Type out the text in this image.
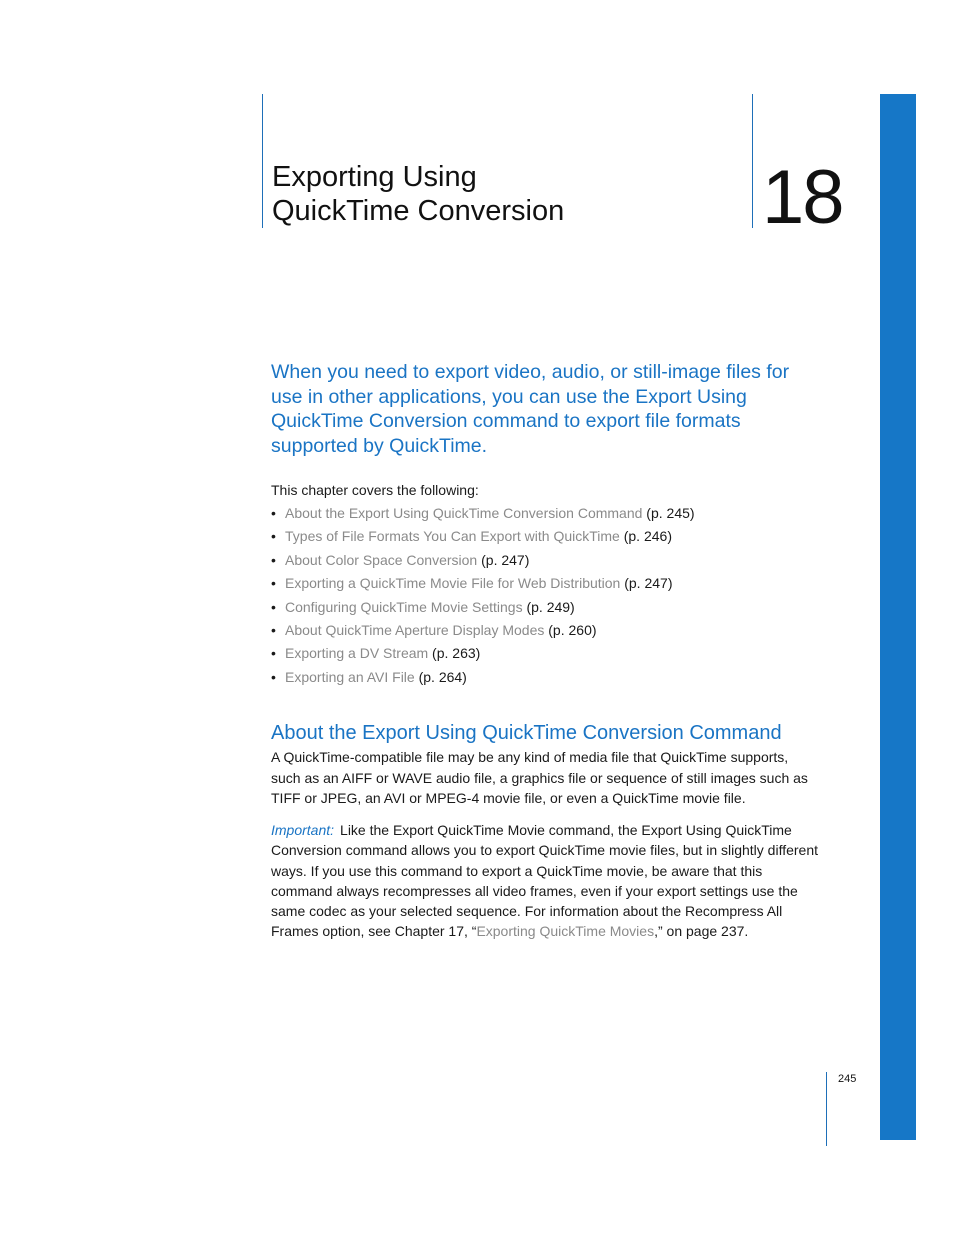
Exporting Using
QuickTime Conversion	18

When you need to export video, audio, or still-image files for use in other applications, you can use the Export Using QuickTime Conversion command to export file formats supported by QuickTime.

This chapter covers the following:

• About the Export Using QuickTime Conversion Command (p. 245)
• Types of File Formats You Can Export with QuickTime (p. 246)
• About Color Space Conversion (p. 247)
• Exporting a QuickTime Movie File for Web Distribution (p. 247)
• Configuring QuickTime Movie Settings (p. 249)
• About QuickTime Aperture Display Modes (p. 260)
• Exporting a DV Stream (p. 263)
• Exporting an AVI File (p. 264)
About the Export Using QuickTime Conversion Command

A QuickTime-compatible file may be any kind of media file that QuickTime supports, such as an AIFF or WAVE audio file, a graphics file or sequence of still images such as TIFF or JPEG, an AVI or MPEG-4 movie file, or even a QuickTime movie file.

Important: Like the Export QuickTime Movie command, the Export Using QuickTime Conversion command allows you to export QuickTime movie files, but in slightly different ways. If you use this command to export a QuickTime movie, be aware that this command always recompresses all video frames, even if your export settings use the same codec as your selected sequence. For information about the Recompress All Frames option, see Chapter 17, “Exporting QuickTime Movies,” on page 237.

245
